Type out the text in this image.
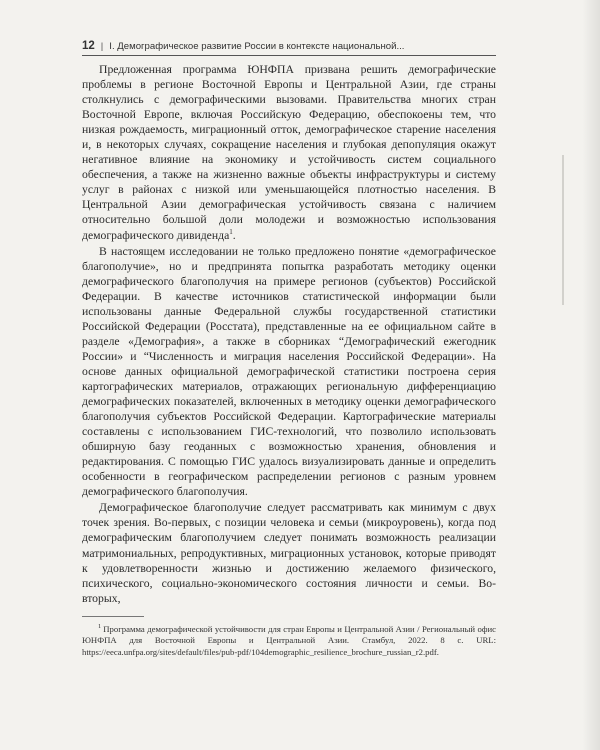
12 | I. Демографическое развитие России в контексте национальной...

Предложенная программа ЮНФПА призвана решить демографические проблемы в регионе Восточной Европы и Центральной Азии, где страны столкнулись с демографическими вызовами. Правительства многих стран Восточной Европе, включая Российскую Федерацию, обеспокоены тем, что низкая рождаемость, миграционный отток, демографическое старение населения и, в некоторых случаях, сокращение населения и глубокая депопуляция окажут негативное влияние на экономику и устойчивость систем социального обеспечения, а также на жизненно важные объекты инфраструктуры и систему услуг в районах с низкой или уменьшающейся плотностью населения. В Центральной Азии демографическая устойчивость связана с наличием относительно большой доли молодежи и возможностью использования демографического дивиденда$^1$.

В настоящем исследовании не только предложено понятие «демографическое благополучие», но и предпринята попытка разработать методику оценки демографического благополучия на примере регионов (субъектов) Российской Федерации. В качестве источников статистической информации были использованы данные Федеральной службы государственной статистики Российской Федерации (Росстата), представленные на ее официальном сайте в разделе «Демография», а также в сборниках “Демографический ежегодник России» и “Численность и миграция населения Российской Федерации». На основе данных официальной демографической статистики построена серия картографических материалов, отражающих региональную дифференциацию демографических показателей, включенных в методику оценки демографического благополучия субъектов Российской Федерации. Картографические материалы составлены с использованием ГИС-технологий, что позволило использовать обширную базу геоданных с возможностью хранения, обновления и редактирования. С помощью ГИС удалось визуализировать данные и определить особенности в географическом распределении регионов с разным уровнем демографического благополучия.

Демографическое благополучие следует рассматривать как минимум с двух точек зрения. Во-первых, с позиции человека и семьи (микроуровень), когда под демографическим благополучием следует понимать возможность реализации матримониальных, репродуктивных, миграционных установок, которые приводят к удовлетворенности жизнью и достижению желаемого физического, психического, социально-экономического состояния личности и семьи. Во-вторых,

$^1$ Программа демографической устойчивости для стран Европы и Центральной Азии / Региональный офис ЮНФПА для Восточной Европы и Центральной Азии. Стамбул, 2022. 8 с. URL: https://eeca.unfpa.org/sites/default/files/pub-pdf/104demographic_resilience_brochure_russian_r2.pdf.
